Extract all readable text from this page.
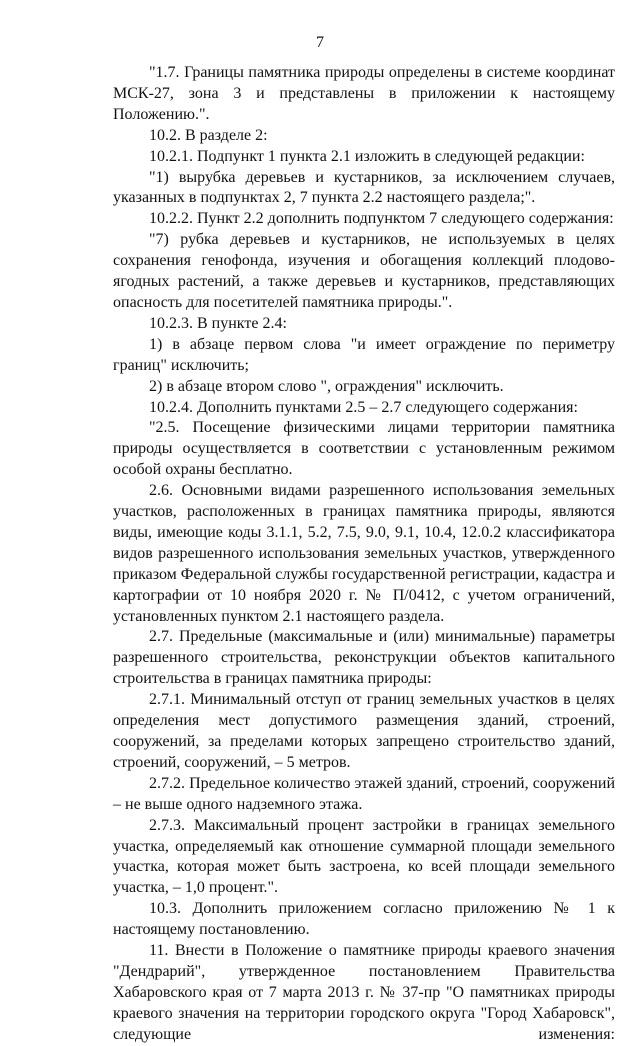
7

"1.7. Границы памятника природы определены в системе координат МСК-27, зона 3 и представлены в приложении к настоящему Положению.".

10.2. В разделе 2:

10.2.1. Подпункт 1 пункта 2.1 изложить в следующей редакции:

"1) вырубка деревьев и кустарников, за исключением случаев, указанных в подпунктах 2, 7 пункта 2.2 настоящего раздела;".

10.2.2. Пункт 2.2 дополнить подпунктом 7 следующего содержания:

"7) рубка деревьев и кустарников, не используемых в целях сохранения генофонда, изучения и обогащения коллекций плодово-ягодных растений, а также деревьев и кустарников, представляющих опасность для посетителей памятника природы.".

10.2.3. В пункте 2.4:

1) в абзаце первом слова "и имеет ограждение по периметру границ" исключить;

2) в абзаце втором слово ", ограждения" исключить.

10.2.4. Дополнить пунктами 2.5 – 2.7 следующего содержания:

"2.5. Посещение физическими лицами территории памятника природы осуществляется в соответствии с установленным режимом особой охраны бесплатно.

2.6. Основными видами разрешенного использования земельных участков, расположенных в границах памятника природы, являются виды, имеющие коды 3.1.1, 5.2, 7.5, 9.0, 9.1, 10.4, 12.0.2 классификатора видов разрешенного использования земельных участков, утвержденного приказом Федеральной службы государственной регистрации, кадастра и картографии от 10 ноября 2020 г. № П/0412, с учетом ограничений, установленных пунктом 2.1 настоящего раздела.

2.7. Предельные (максимальные и (или) минимальные) параметры разрешенного строительства, реконструкции объектов капитального строительства в границах памятника природы:

2.7.1. Минимальный отступ от границ земельных участков в целях определения мест допустимого размещения зданий, строений, сооружений, за пределами которых запрещено строительство зданий, строений, сооружений, – 5 метров.

2.7.2. Предельное количество этажей зданий, строений, сооружений – не выше одного надземного этажа.

2.7.3. Максимальный процент застройки в границах земельного участка, определяемый как отношение суммарной площади земельного участка, которая может быть застроена, ко всей площади земельного участка, – 1,0 процент.".

10.3. Дополнить приложением согласно приложению № 1 к настоящему постановлению.

11. Внести в Положение о памятнике природы краевого значения "Дендрарий", утвержденное постановлением Правительства Хабаровского края от 7 марта 2013 г. № 37-пр "О памятниках природы краевого значения на территории городского округа "Город Хабаровск", следующие изменения:
